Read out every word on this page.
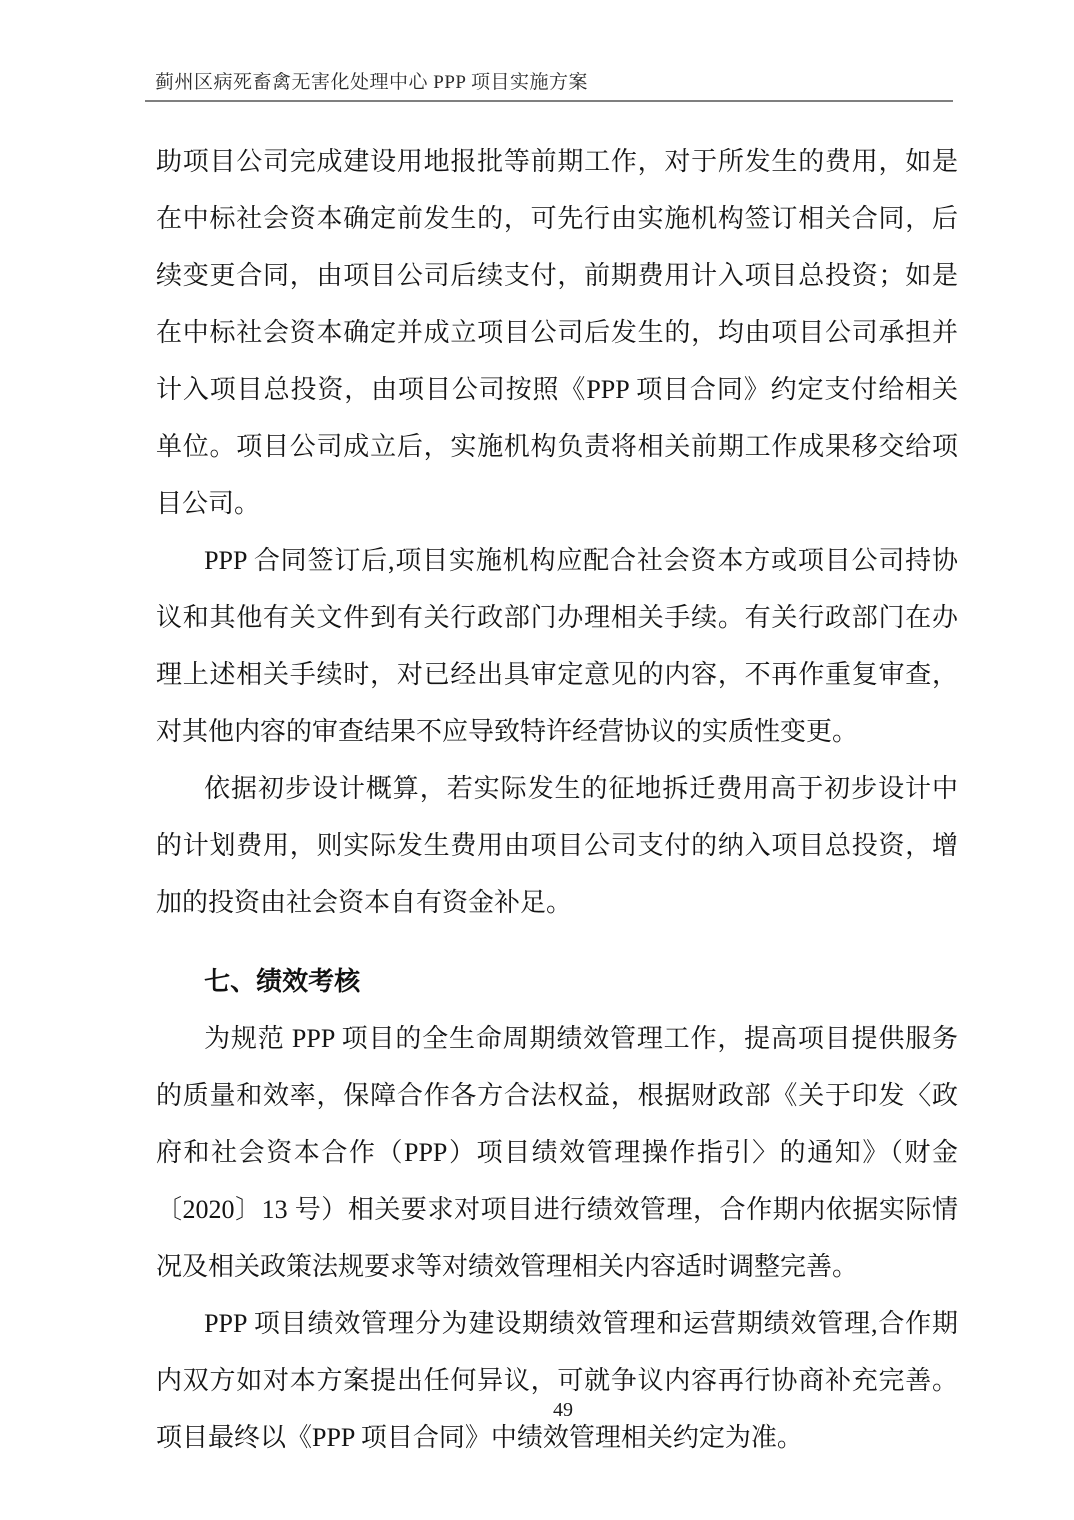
蓟州区病死畜禽无害化处理中心 PPP 项目实施方案

助项目公司完成建设用地报批等前期工作，对于所发生的费用，如是在中标社会资本确定前发生的，可先行由实施机构签订相关合同，后续变更合同，由项目公司后续支付，前期费用计入项目总投资；如是在中标社会资本确定并成立项目公司后发生的，均由项目公司承担并计入项目总投资，由项目公司按照《PPP 项目合同》约定支付给相关单位。项目公司成立后，实施机构负责将相关前期工作成果移交给项目公司。

PPP 合同签订后,项目实施机构应配合社会资本方或项目公司持协议和其他有关文件到有关行政部门办理相关手续。有关行政部门在办理上述相关手续时，对已经出具审定意见的内容，不再作重复审查，对其他内容的审查结果不应导致特许经营协议的实质性变更。

依据初步设计概算，若实际发生的征地拆迁费用高于初步设计中的计划费用，则实际发生费用由项目公司支付的纳入项目总投资，增加的投资由社会资本自有资金补足。

七、绩效考核

为规范 PPP 项目的全生命周期绩效管理工作，提高项目提供服务的质量和效率，保障合作各方合法权益，根据财政部《关于印发〈政府和社会资本合作（PPP）项目绩效管理操作指引〉的通知》（财金〔2020〕13 号）相关要求对项目进行绩效管理，合作期内依据实际情况及相关政策法规要求等对绩效管理相关内容适时调整完善。

PPP 项目绩效管理分为建设期绩效管理和运营期绩效管理,合作期内双方如对本方案提出任何异议，可就争议内容再行协商补充完善。项目最终以《PPP 项目合同》中绩效管理相关约定为准。

49
